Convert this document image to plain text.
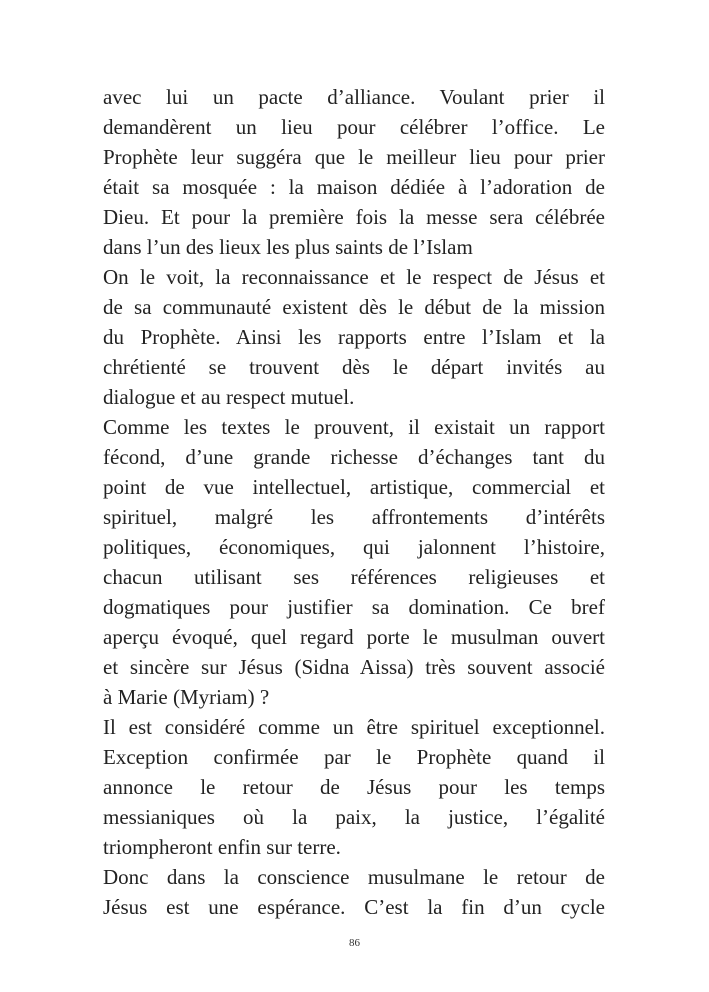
avec lui un pacte d’alliance. Voulant prier il
demandèrent un lieu pour célébrer l’office. Le
Prophète leur suggéra que le meilleur lieu pour prier
était sa mosquée : la maison dédiée à l’adoration de
Dieu. Et pour la première fois la messe sera célébrée
dans l’un des lieux les plus saints de l’Islam

On le voit, la reconnaissance et le respect de Jésus et
de sa communauté existent dès le début de la mission
du Prophète. Ainsi les rapports entre l’Islam et la
chrétienté se trouvent dès le départ invités au
dialogue et au respect mutuel.

Comme les textes le prouvent, il existait un rapport
fécond, d’une grande richesse d’échanges tant du
point de vue intellectuel, artistique, commercial et
spirituel, malgré les affrontements d’intérêts
politiques, économiques, qui jalonnent l’histoire,
chacun utilisant ses références religieuses et
dogmatiques pour justifier sa domination. Ce bref
aperçu évoqué, quel regard porte le musulman ouvert
et sincère sur Jésus (Sidna Aissa) très souvent associé
à Marie (Myriam) ?

Il est considéré comme un être spirituel exceptionnel.
Exception confirmée par le Prophète quand il
annonce le retour de Jésus pour les temps
messianiques où la paix, la justice, l’égalité
triompheront enfin sur terre.

Donc dans la conscience musulmane le retour de
Jésus est une espérance. C’est la fin d’un cycle

86
